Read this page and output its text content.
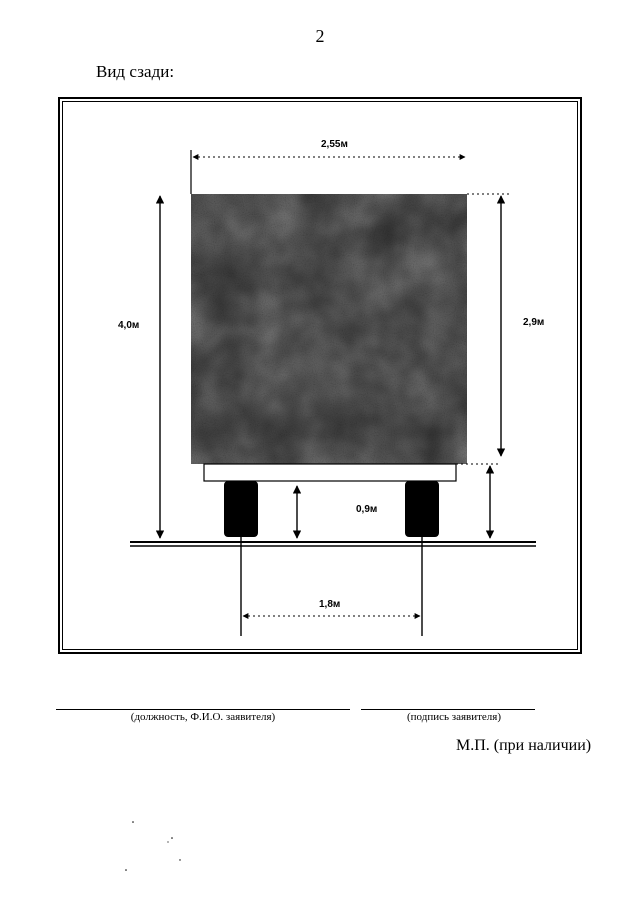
2
Вид сзади:
2,55м
4,0м	2,9м
0,9м
1,8м
(должность, Ф.И.О. заявителя)	(подпись заявителя)
М.П. (при наличии)
